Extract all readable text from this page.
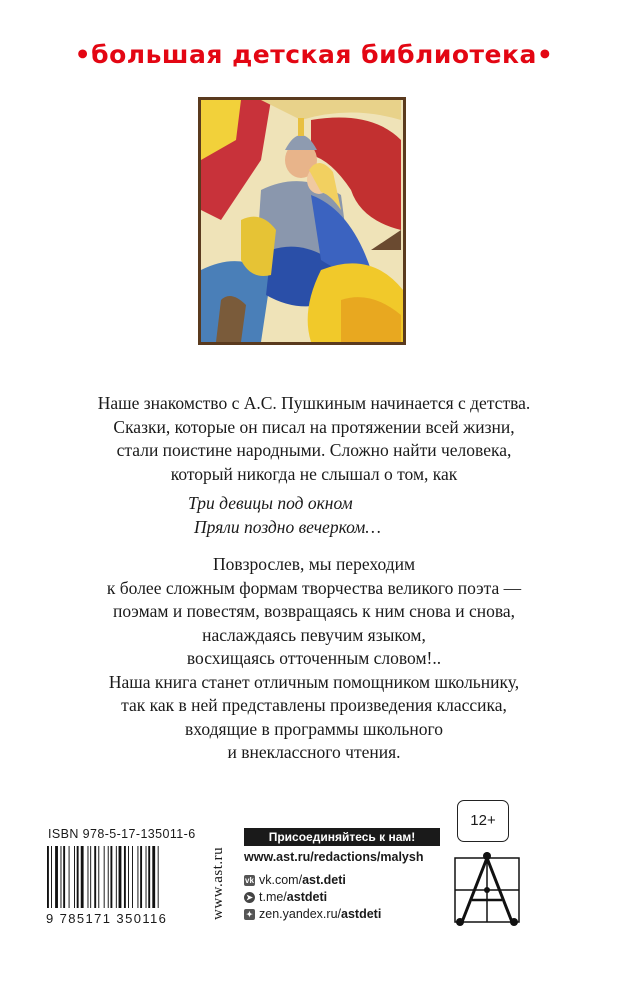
•большая детская библиотека•
Наше знакомство с А.С. Пушкиным начинается с детства.
Сказки, которые он писал на протяжении всей жизни,
стали поистине народными. Сложно найти человека,
который никогда не слышал о том, как
Три девицы под окном
Пряли поздно вечерком…
Повзрослев, мы переходим
к более сложным формам творчества великого поэта —
поэмам и повестям, возвращаясь к ним снова и снова,
наслаждаясь певучим языком,
восхищаясь отточенным словом!..
Наша книга станет отличным помощником школьнику,
так как в ней представлены произведения классика,
входящие в программы школьного
и внеклассного чтения.
ISBN 978-5-17-135011-6
9 785171 350116	www.ast.ru
Присоединяйтесь к нам!
www.ast.ru/redactions/malysh
vk vk.com/ ast.deti
➤ t.me/ astdeti
✦ zen.yandex.ru/ astdeti
12+
